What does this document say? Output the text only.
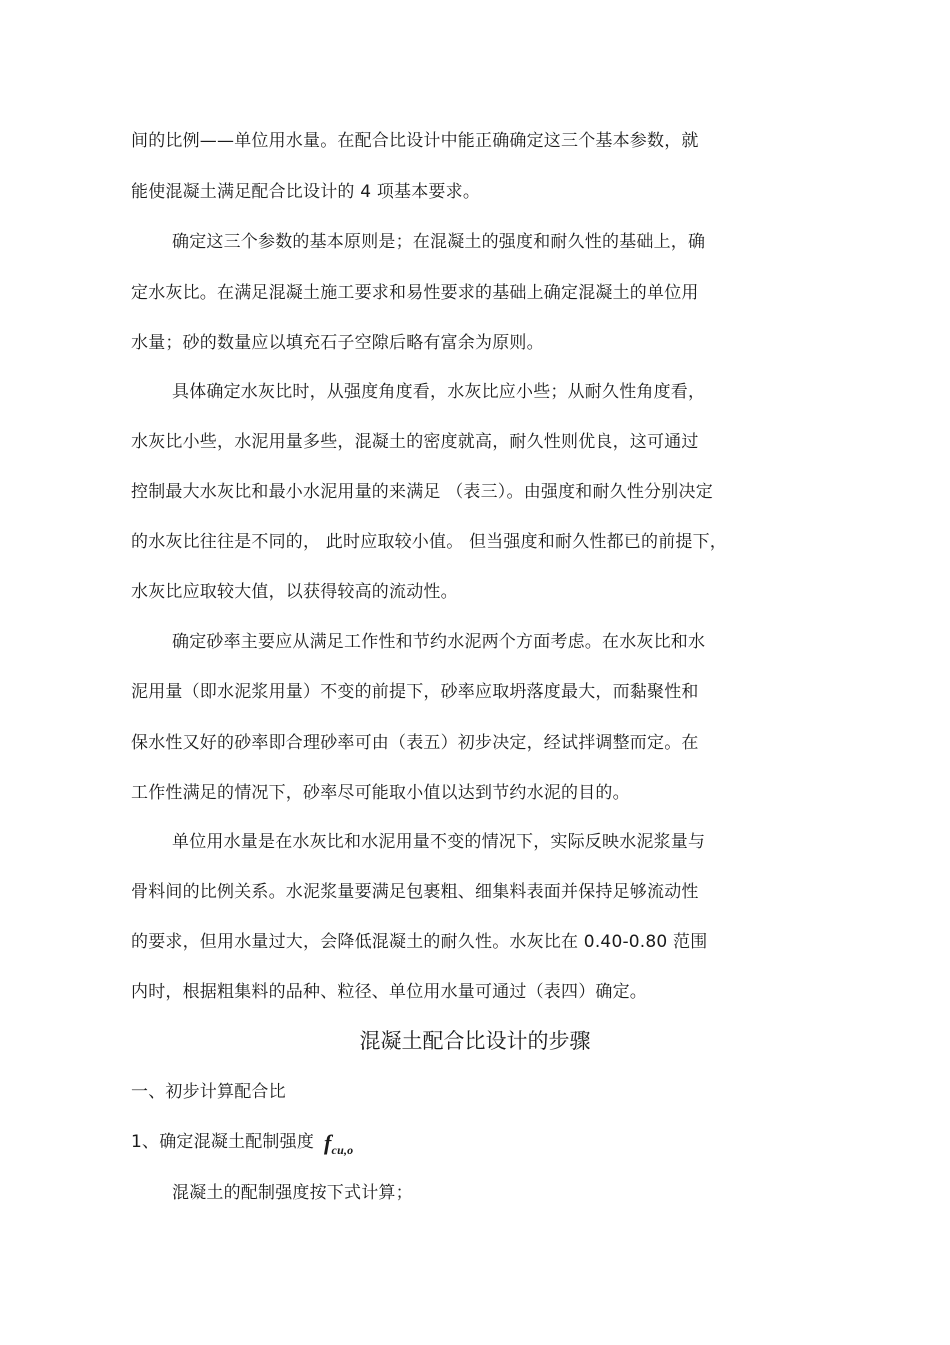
间的比例——单位用水量。在配合比设计中能正确确定这三个基本参数，就
能使混凝土满足配合比设计的 4 项基本要求。
确定这三个参数的基本原则是；在混凝土的强度和耐久性的基础上，确
定水灰比。在满足混凝土施工要求和易性要求的基础上确定混凝土的单位用
水量；砂的数量应以填充石子空隙后略有富余为原则。
具体确定水灰比时，从强度角度看，水灰比应小些；从耐久性角度看，
水灰比小些，水泥用量多些，混凝土的密度就高，耐久性则优良，这可通过
控制最大水灰比和最小水泥用量的来满足 （表三）。由强度和耐久性分别决定
的水灰比往往是不同的， 此时应取较小值。 但当强度和耐久性都已的前提下，
水灰比应取较大值，以获得较高的流动性。
确定砂率主要应从满足工作性和节约水泥两个方面考虑。在水灰比和水
泥用量（即水泥浆用量）不变的前提下，砂率应取坍落度最大，而黏聚性和
保水性又好的砂率即合理砂率可由（表五）初步决定，经试拌调整而定。在
工作性满足的情况下，砂率尽可能取小值以达到节约水泥的目的。
单位用水量是在水灰比和水泥用量不变的情况下，实际反映水泥浆量与
骨料间的比例关系。水泥浆量要满足包裹粗、细集料表面并保持足够流动性
的要求，但用水量过大，会降低混凝土的耐久性。水灰比在 0.40-0.80 范围
内时，根据粗集料的品种、粒径、单位用水量可通过（表四）确定。
混凝土配合比设计的步骤
一、初步计算配合比
1、确定混凝土配制强度 $f_{cu,o}$
混凝土的配制强度按下式计算；
